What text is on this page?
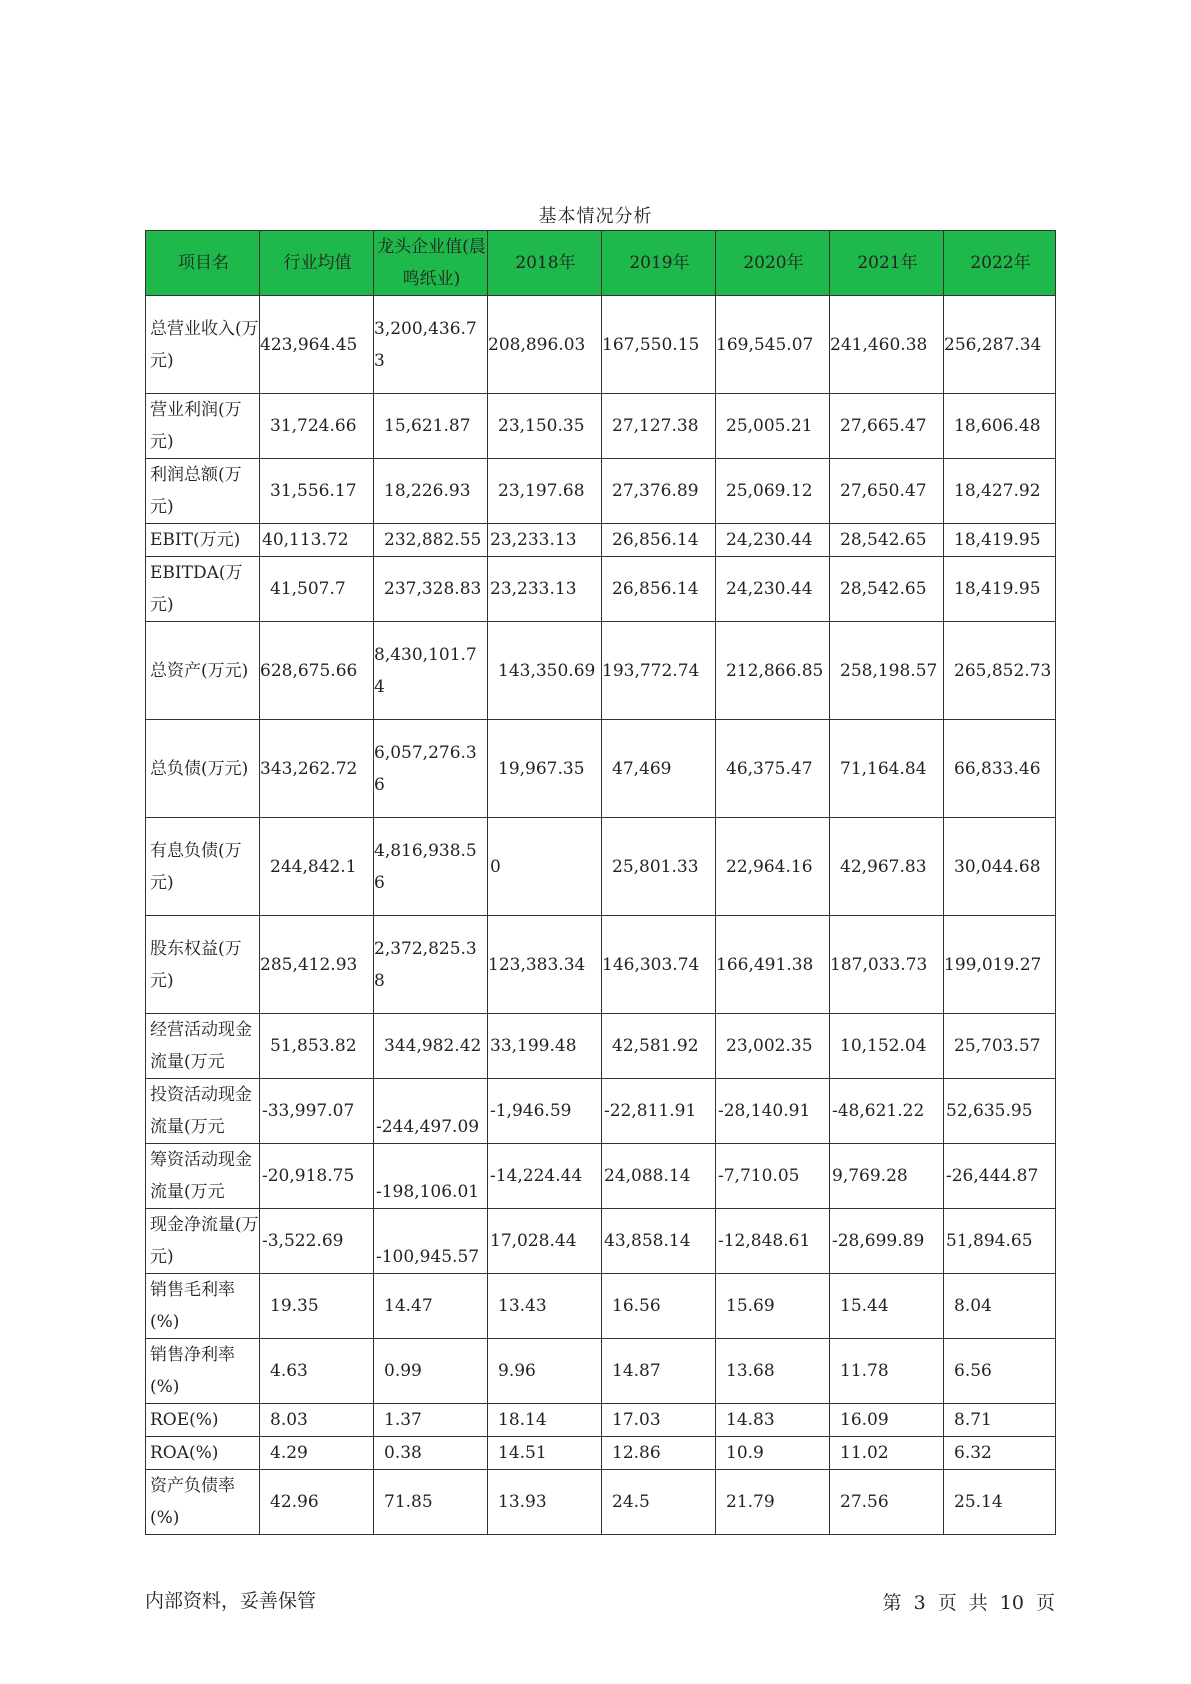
基本情况分析
项目名	行业均值	龙头企业值(晨鸣纸业)	2018年	2019年	2020年	2021年	2022年
总营业收入(万元)	423,964.45	3,200,436.73	208,896.03	167,550.15	169,545.07	241,460.38	256,287.34
营业利润(万元)	31,724.66	15,621.87	23,150.35	27,127.38	25,005.21	27,665.47	18,606.48
利润总额(万元)	31,556.17	18,226.93	23,197.68	27,376.89	25,069.12	27,650.47	18,427.92
EBIT(万元)	40,113.72	232,882.55	23,233.13	26,856.14	24,230.44	28,542.65	18,419.95
EBITDA(万元)	41,507.7	237,328.83	23,233.13	26,856.14	24,230.44	28,542.65	18,419.95
总资产(万元)	628,675.66	8,430,101.74	143,350.69	193,772.74	212,866.85	258,198.57	265,852.73
总负债(万元)	343,262.72	6,057,276.36	19,967.35	47,469	46,375.47	71,164.84	66,833.46
有息负债(万元)	244,842.1	4,816,938.56	0	25,801.33	22,964.16	42,967.83	30,044.68
股东权益(万元)	285,412.93	2,372,825.38	123,383.34	146,303.74	166,491.38	187,033.73	199,019.27
经营活动现金流量(万元	51,853.82	344,982.42	33,199.48	42,581.92	23,002.35	10,152.04	25,703.57
投资活动现金流量(万元	-33,997.07	-244,497.09	-1,946.59	-22,811.91	-28,140.91	-48,621.22	52,635.95
筹资活动现金流量(万元	-20,918.75	-198,106.01	-14,224.44	24,088.14	-7,710.05	9,769.28	-26,444.87
现金净流量(万元)	-3,522.69	-100,945.57	17,028.44	43,858.14	-12,848.61	-28,699.89	51,894.65
销售毛利率(%)	19.35	14.47	13.43	16.56	15.69	15.44	8.04
销售净利率(%)	4.63	0.99	9.96	14.87	13.68	11.78	6.56
ROE(%)	8.03	1.37	18.14	17.03	14.83	16.09	8.71
ROA(%)	4.29	0.38	14.51	12.86	10.9	11.02	6.32
资产负债率(%)	42.96	71.85	13.93	24.5	21.79	27.56	25.14
内部资料，妥善保管	第 3 页 共 10 页
